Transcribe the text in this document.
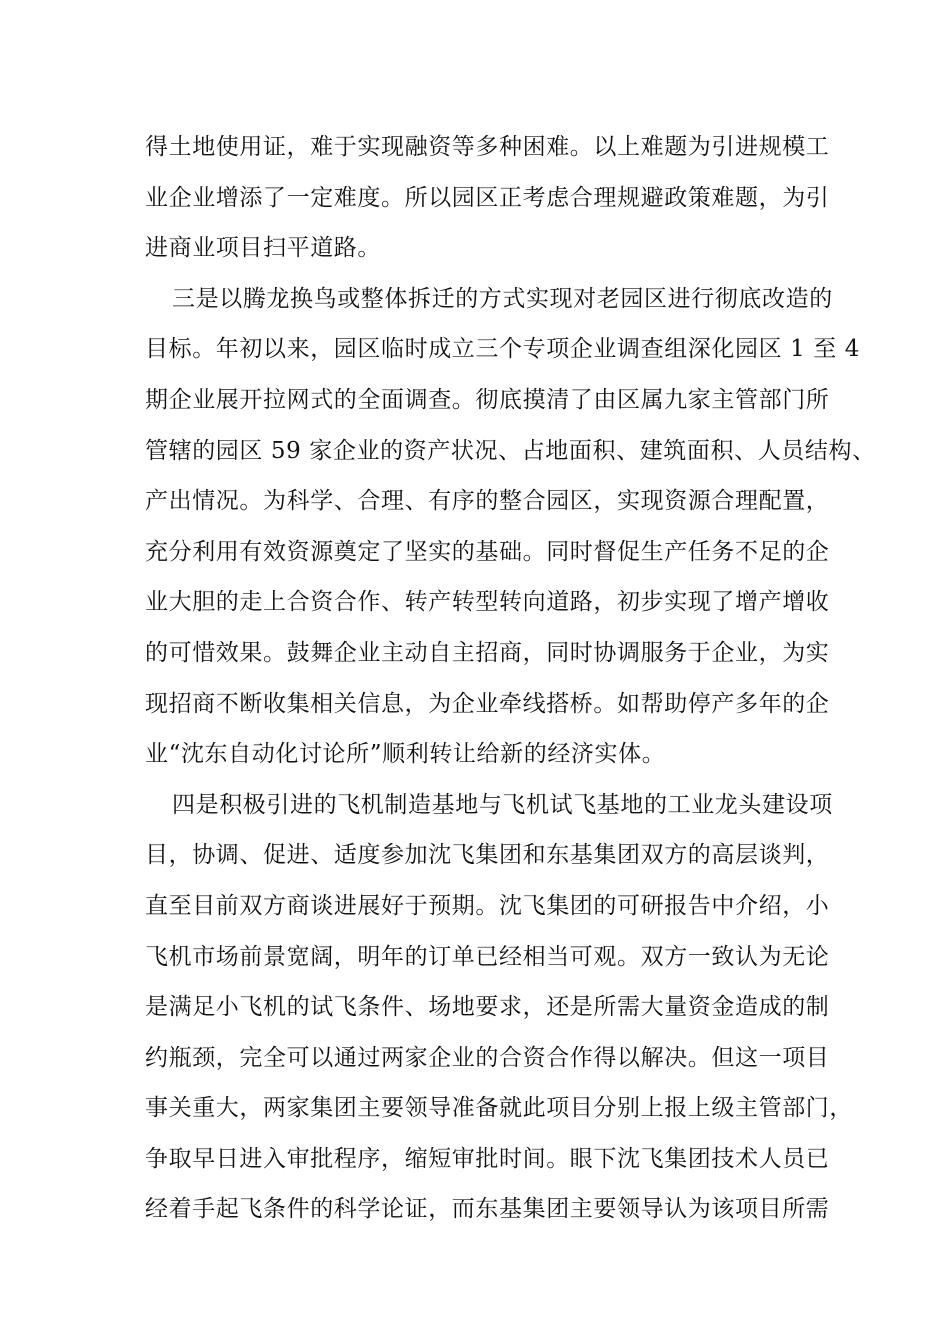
得土地使用证，难于实现融资等多种困难。以上难题为引进规模工
业企业增添了一定难度。所以园区正考虑合理规避政策难题，为引
进商业项目扫平道路。
三是以腾龙换鸟或整体拆迁的方式实现对老园区进行彻底改造的
目标。年初以来，园区临时成立三个专项企业调查组深化园区 1 至 4
期企业展开拉网式的全面调查。彻底摸清了由区属九家主管部门所
管辖的园区 59 家企业的资产状况、占地面积、建筑面积、人员结构、
产出情况。为科学、合理、有序的整合园区，实现资源合理配置，
充分利用有效资源奠定了坚实的基础。同时督促生产任务不足的企
业大胆的走上合资合作、转产转型转向道路，初步实现了增产增收
的可惜效果。鼓舞企业主动自主招商，同时协调服务于企业，为实
现招商不断收集相关信息，为企业牵线搭桥。如帮助停产多年的企
业“沈东自动化讨论所”顺利转让给新的经济实体。
四是积极引进的飞机制造基地与飞机试飞基地的工业龙头建设项
目，协调、促进、适度参加沈飞集团和东基集团双方的高层谈判，
直至目前双方商谈进展好于预期。沈飞集团的可研报告中介绍，小
飞机市场前景宽阔，明年的订单已经相当可观。双方一致认为无论
是满足小飞机的试飞条件、场地要求，还是所需大量资金造成的制
约瓶颈，完全可以通过两家企业的合资合作得以解决。但这一项目
事关重大，两家集团主要领导准备就此项目分别上报上级主管部门，
争取早日进入审批程序，缩短审批时间。眼下沈飞集团技术人员已
经着手起飞条件的科学论证，而东基集团主要领导认为该项目所需
